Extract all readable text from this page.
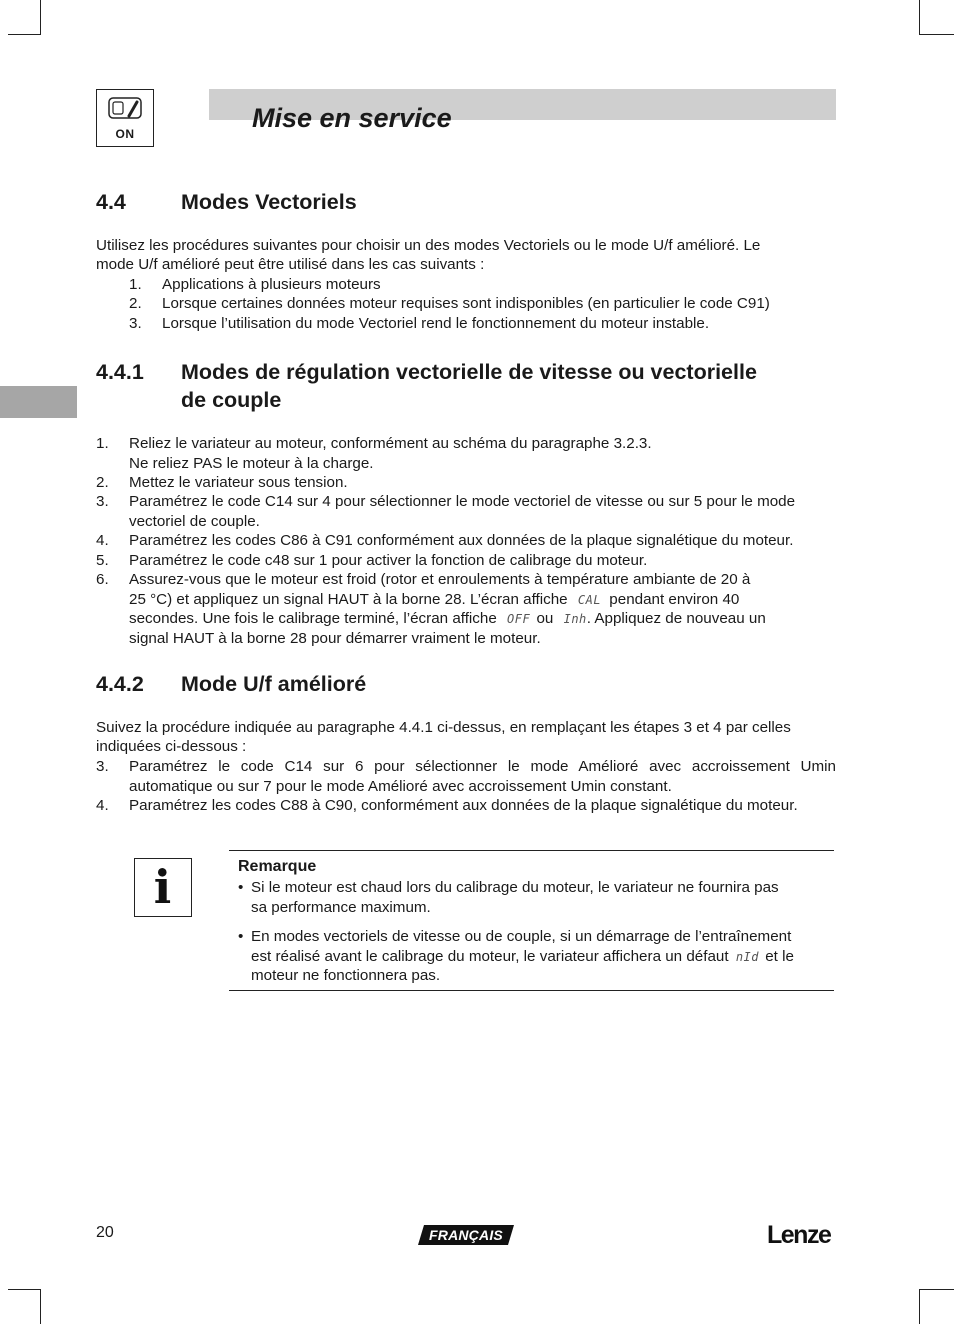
ON
Mise en service
4.4	Modes Vectoriels

Utilisez les procédures suivantes pour choisir un des modes Vectoriels ou le mode U/f amélioré. Le

mode U/f amélioré peut être utilisé dans les cas suivants :

1. Applications à plusieurs moteurs
2. Lorsque certaines données moteur requises sont indisponibles (en particulier le code C91)
3. Lorsque l’utilisation du mode Vectoriel rend le fonctionnement du moteur instable.
4.4.1 Modes de régulation vectorielle de vitesse ou vectorielle
de couple
1. Reliez le variateur au moteur, conformément au schéma du paragraphe 3.2.3.
Ne reliez PAS le moteur à la charge.
2. Mettez le variateur sous tension.
3. Paramétrez le code C14 sur 4 pour sélectionner le mode vectoriel de vitesse ou sur 5 pour le mode
vectoriel de couple.
4. Paramétrez les codes C86 à C91 conformément aux données de la plaque signalétique du moteur.
5. Paramétrez le code c48 sur 1 pour activer la fonction de calibrage du moteur.
6. Assurez-vous que le moteur est froid (rotor et enroulements à température ambiante de 20 à
25 °C) et appliquez un signal HAUT à la borne 28. L’écran affiche CAL pendant environ 40
secondes. Une fois le calibrage terminé, l’écran affiche OFF ou Inh. Appliquez de nouveau un
signal HAUT à la borne 28 pour démarrer vraiment le moteur.
4.4.2 Mode U/f amélioré

Suivez la procédure indiquée au paragraphe 4.4.1 ci-dessus, en remplaçant les étapes 3 et 4 par celles

indiquées ci-dessous :

3. Paramétrez le code C14 sur 6 pour sélectionner le mode Amélioré avec accroissement Umin
automatique ou sur 7 pour le mode Amélioré avec accroissement Umin constant.
4. Paramétrez les codes C88 à C90, conformément aux données de la plaque signalétique du moteur.
i	Remarque
• Si le moteur est chaud lors du calibrage du moteur, le variateur ne fournira pas
sa performance maximum.
• En modes vectoriels de vitesse ou de couple, si un démarrage de l’entraînement
est réalisé avant le calibrage du moteur, le variateur affichera un défaut nId et le
moteur ne fonctionnera pas.
20	FRANÇAIS	Lenze
